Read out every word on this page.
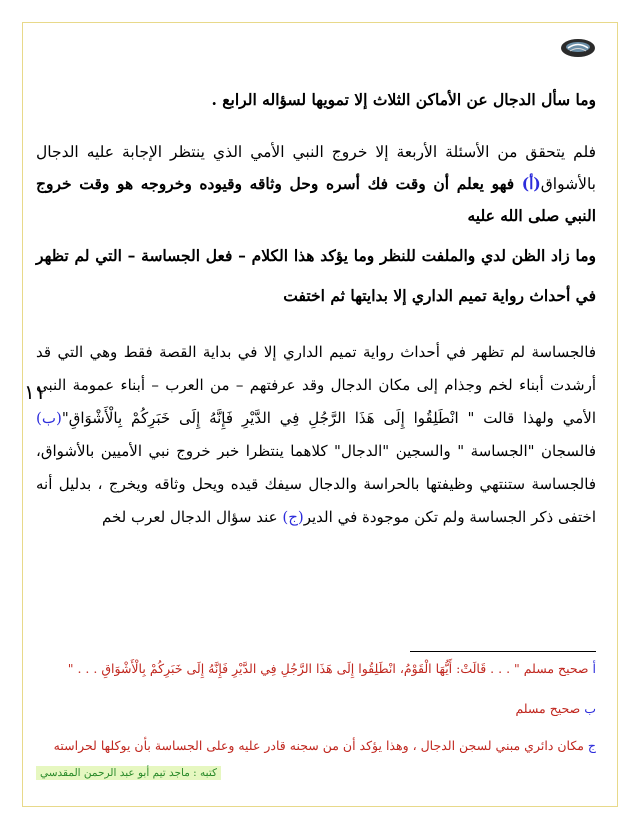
وما سأل الدجال عن الأماكن الثلاث إلا تمويها لسؤاله الرابع .

فلم يتحقق من الأسئلة الأربعة إلا خروج النبي الأمي الذي ينتظر الإجابة عليه الدجال بالأشواق(أ) فهو يعلم أن وقت فك أسره وحل وثاقه وقيوده وخروجه هو وقت خروج النبي صلى الله عليه

وما زاد الظن لدي والملفت للنظر وما يؤكد هذا الكلام – فعل الجساسة – التي لم تظهر في أحداث رواية تميم الداري إلا بدايتها ثم اختفت

فالجساسة لم تظهر في أحداث رواية تميم الداري إلا في بداية القصة فقط وهي التي قد أرشدت أبناء لخم وجذام إلى مكان الدجال وقد عرفتهم – من العرب – أبناء عمومة النبي الأمي ولهذا قالت " انْطَلِقُوا إِلَى هَذَا الرَّجُلِ فِي الدَّيْرِ فَإِنَّهُ إِلَى خَبَرِكُمْ بِالْأَشْوَاقِ"(ب) فالسجان "الجساسة " والسجين "الدجال" كلاهما ينتظرا خبر خروج نبي الأميين بالأشواق، فالجساسة ستنتهي وظيفتها بالحراسة والدجال سيفك قيده ويحل وثاقه ويخرج ، بدليل أنه اختفى ذكر الجساسة ولم تكن موجودة في الدير(ج) عند سؤال الدجال لعرب لخم

١١

أ صحيح مسلم " . . . قَالَتْ: أَيُّهَا الْقَوْمُ، انْطَلِقُوا إِلَى هَذَا الرَّجُلِ فِي الدَّيْرِ فَإِنَّهُ إِلَى خَبَرِكُمْ بِالْأَشْوَاقِ . . . "

ب صحيح مسلم

ج مكان دائري مبني لسجن الدجال ، وهذا يؤكد أن من سجنه قادر عليه وعلى الجساسة بأن يوكلها لحراسته

كتبه : ماجد تيم أبو عبد الرحمن المقدسي
